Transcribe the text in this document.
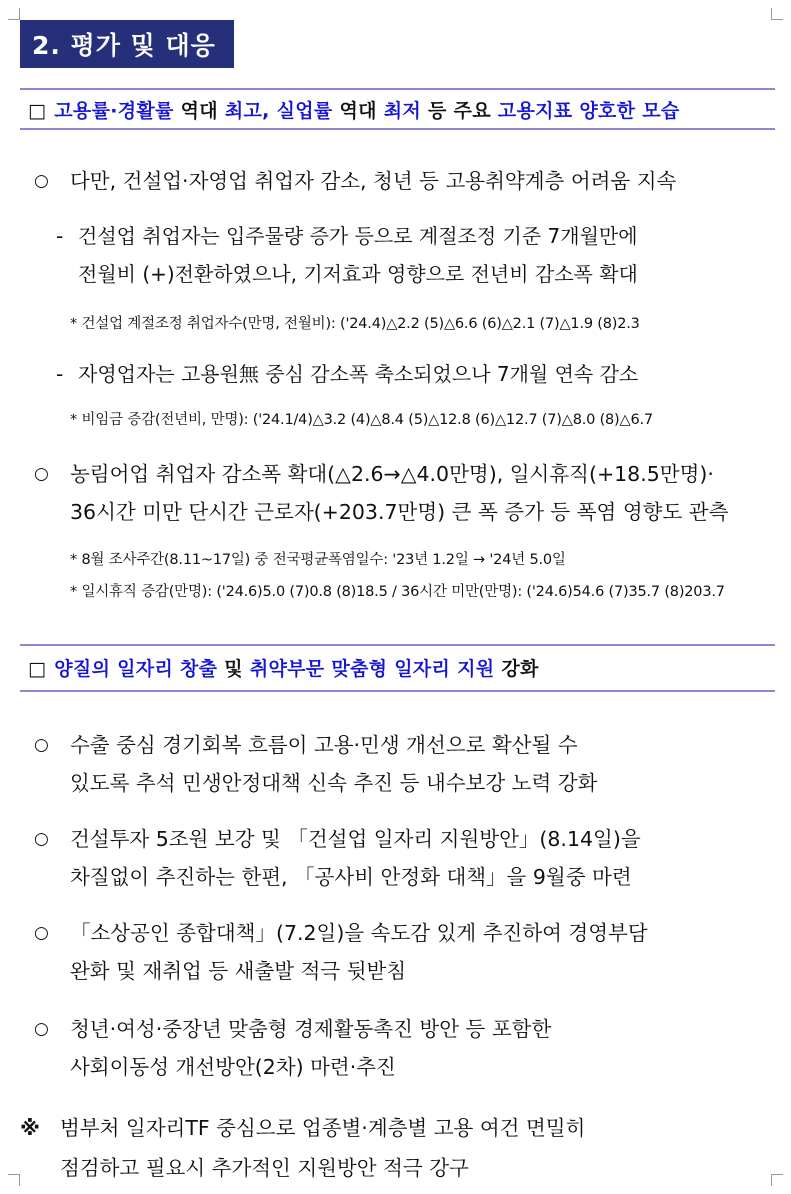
2. 평가 및 대응
□ 고용률·경활률 역대 최고, 실업률 역대 최저 등 주요 고용지표 양호한 모습
○ 다만, 건설업·자영업 취업자 감소, 청년 등 고용취약계층 어려움 지속
- 건설업 취업자는 입주물량 증가 등으로 계절조정 기준 7개월만에
전월비 (+)전환하였으나, 기저효과 영향으로 전년비 감소폭 확대
* 건설업 계절조정 취업자수(만명, 전월비): ('24.4)△2.2 (5)△6.6 (6)△2.1 (7)△1.9 (8)2.3
- 자영업자는 고용원無 중심 감소폭 축소되었으나 7개월 연속 감소
* 비임금 증감(전년비, 만명): ('24.1/4)△3.2 (4)△8.4 (5)△12.8 (6)△12.7 (7)△8.0 (8)△6.7
○ 농림어업 취업자 감소폭 확대(△2.6→△4.0만명), 일시휴직(+18.5만명)·
36시간 미만 단시간 근로자(+203.7만명) 큰 폭 증가 등 폭염 영향도 관측
* 8월 조사주간(8.11~17일) 중 전국평균폭염일수: '23년 1.2일 → '24년 5.0일
* 일시휴직 증감(만명): ('24.6)5.0 (7)0.8 (8)18.5 / 36시간 미만(만명): ('24.6)54.6 (7)35.7 (8)203.7
□ 양질의 일자리 창출 및 취약부문 맞춤형 일자리 지원 강화
○ 수출 중심 경기회복 흐름이 고용·민생 개선으로 확산될 수
있도록 추석 민생안정대책 신속 추진 등 내수보강 노력 강화
○ 건설투자 5조원 보강 및 「건설업 일자리 지원방안」(8.14일)을
차질없이 추진하는 한편, 「공사비 안정화 대책」을 9월중 마련
○ 「소상공인 종합대책」(7.2일)을 속도감 있게 추진하여 경영부담
완화 및 재취업 등 새출발 적극 뒷받침
○ 청년·여성·중장년 맞춤형 경제활동촉진 방안 등 포함한
사회이동성 개선방안(2차) 마련·추진
※ 범부처 일자리TF 중심으로 업종별·계층별 고용 여건 면밀히
점검하고 필요시 추가적인 지원방안 적극 강구
